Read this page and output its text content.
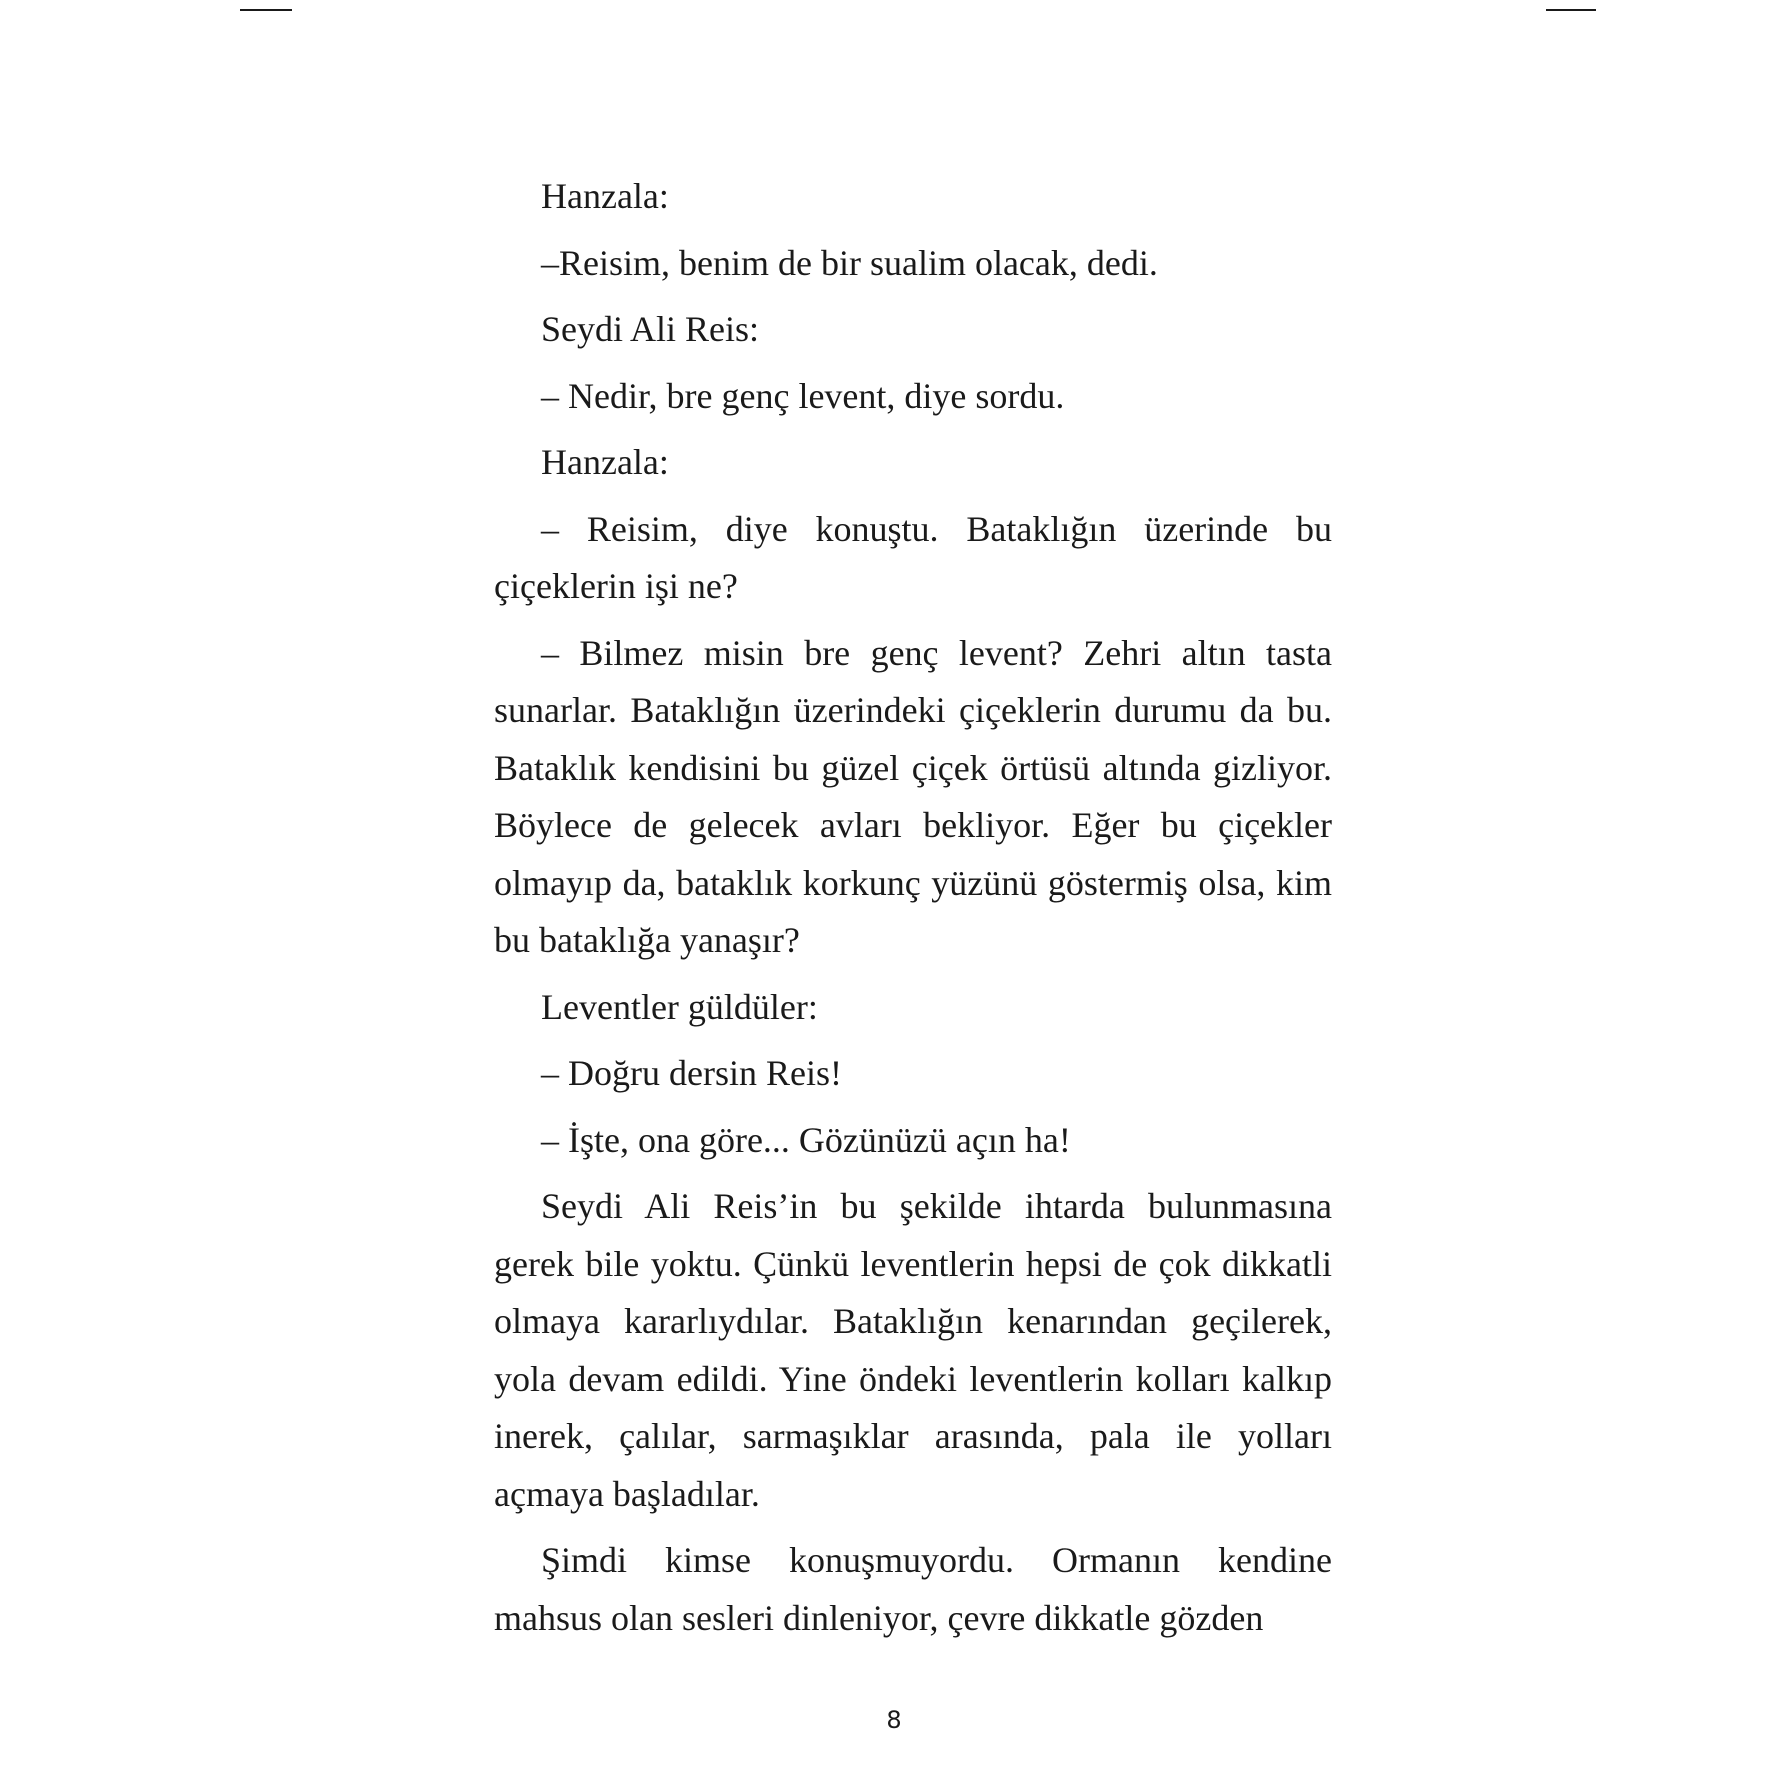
Hanzala:

–Reisim, benim de bir sualim olacak, dedi.

Seydi Ali Reis:

– Nedir, bre genç levent, diye sordu.

Hanzala:

– Reisim, diye konuştu. Bataklığın üzerinde bu çiçeklerin işi ne?

– Bilmez misin bre genç levent? Zehri altın tasta sunarlar. Bataklığın üzerindeki çiçeklerin durumu da bu. Bataklık kendisini bu güzel çiçek örtüsü altında gizliyor. Böylece de gelecek avları bekliyor. Eğer bu çiçekler olmayıp da, bataklık korkunç yüzünü göstermiş olsa, kim bu bataklığa yanaşır?

Leventler güldüler:

– Doğru dersin Reis!

– İşte, ona göre... Gözünüzü açın ha!

Seydi Ali Reis’in bu şekilde ihtarda bulunmasına gerek bile yoktu. Çünkü leventlerin hepsi de çok dikkatli olmaya kararlıydılar. Bataklığın kenarından geçilerek, yola devam edildi. Yine öndeki leventlerin kolları kalkıp inerek, çalılar, sarmaşıklar arasında, pala ile yolları açmaya başladılar.

Şimdi kimse konuşmuyordu. Ormanın kendine mahsus olan sesleri dinleniyor, çevre dikkatle gözden

8
